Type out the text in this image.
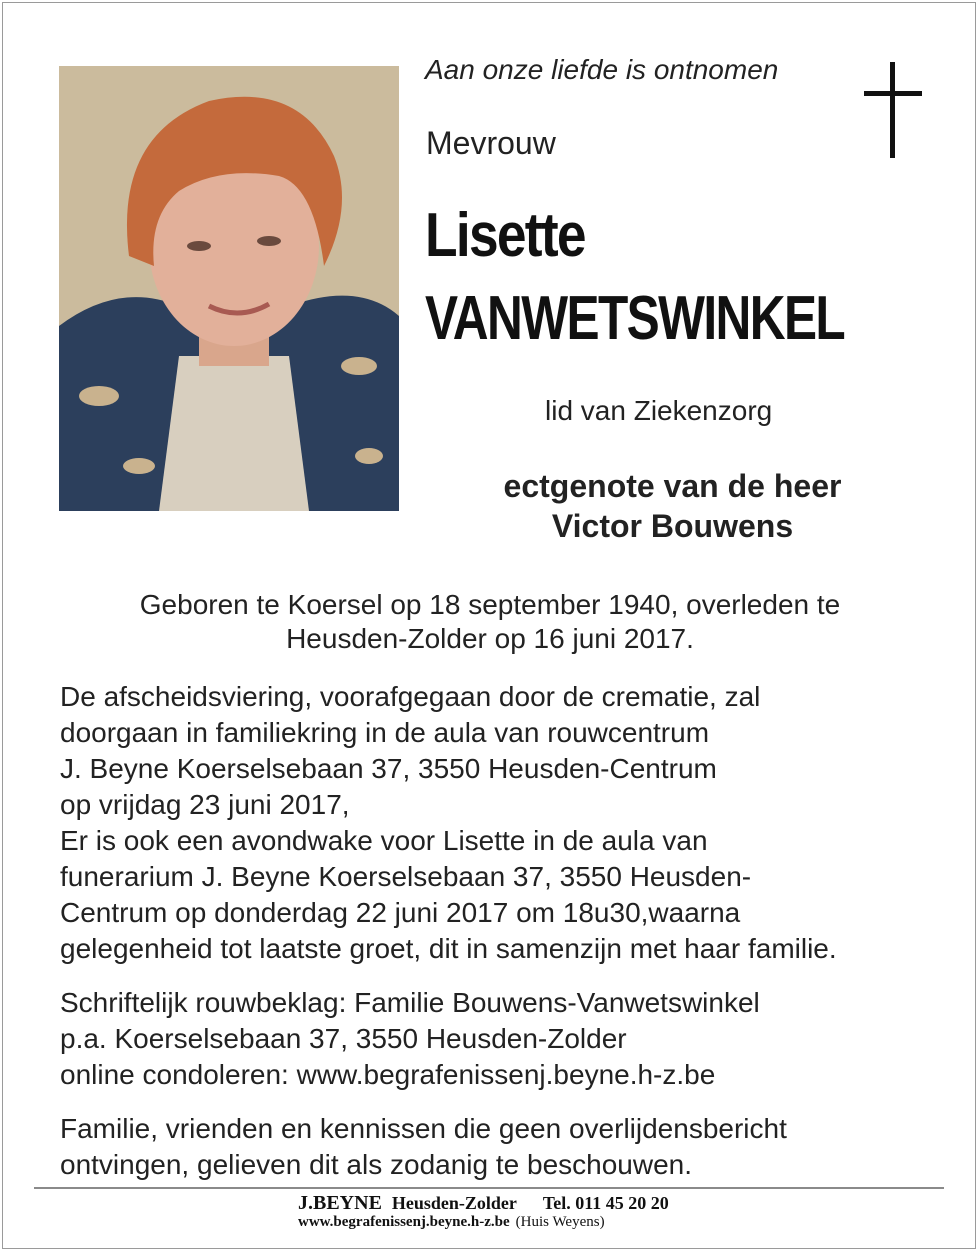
Aan onze liefde is ontnomen
Mevrouw
Lisette
VANWETSWINKEL
lid van Ziekenzorg
ectgenote van de heer
Victor Bouwens
Geboren te Koersel op 18 september 1940, overleden te
Heusden-Zolder op 16 juni 2017.
De afscheidsviering, voorafgegaan door de crematie, zal
doorgaan in familiekring in de aula van rouwcentrum
J. Beyne Koerselsebaan 37, 3550 Heusden-Centrum
op vrijdag 23 juni 2017,
Er is ook een avondwake voor Lisette in de aula van
funerarium J. Beyne Koerselsebaan 37, 3550 Heusden-
Centrum op donderdag 22 juni 2017 om 18u30,waarna
gelegenheid tot laatste groet, dit in samenzijn met haar familie.
Schriftelijk rouwbeklag: Familie Bouwens-Vanwetswinkel
p.a. Koerselsebaan 37, 3550 Heusden-Zolder
online condoleren: www.begrafenissenj.beyne.h-z.be
Familie, vrienden en kennissen die geen overlijdensbericht
ontvingen, gelieven dit als zodanig te beschouwen.
J.BEYNE Heusden-Zolder Tel. 011 45 20 20
www.begrafenissenj.beyne.h-z.be (Huis Weyens)
